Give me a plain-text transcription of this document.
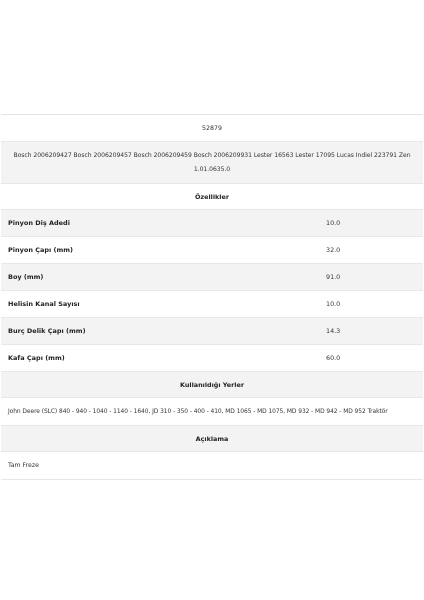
52879
Bosch 2006209427 Bosch 2006209457 Bosch 2006209459 Bosch 2006209931 Lester 16563 Lester 17095 Lucas Indiel 223791 Zen 1.01.0635.0
Özellikler
Pinyon Diş Adedi	10.0
Pinyon Çapı (mm)	32.0
Boy (mm)	91.0
Helisin Kanal Sayısı	10.0
Burç Delik Çapı (mm)	14.3
Kafa Çapı (mm)	60.0
Kullanıldığı Yerler
John Deere (SLC) 840 - 940 - 1040 - 1140 - 1640, JD 310 - 350 - 400 - 410, MD 1065 - MD 1075, MD 932 - MD 942 - MD 952 Traktör
Açıklama
Tam Freze
